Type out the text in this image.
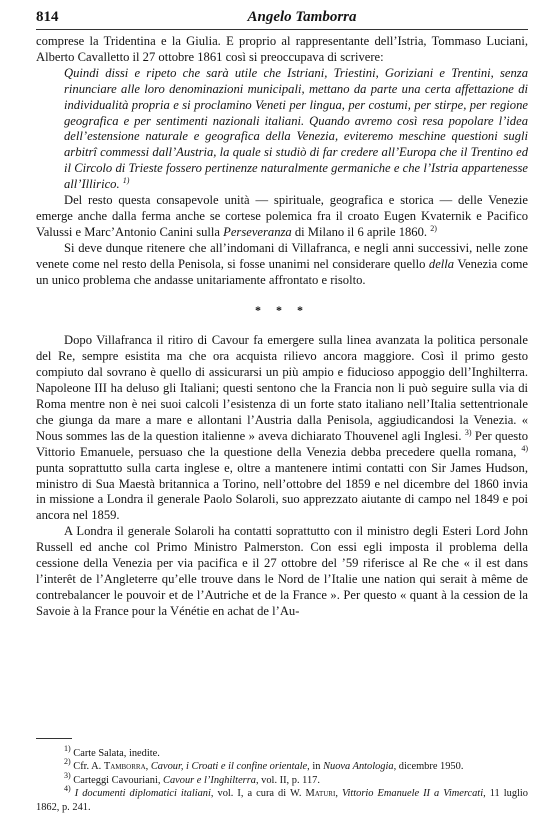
814	Angelo Tamborra

comprese la Tridentina e la Giulia. E proprio al rappresentante dell’Istria, Tommaso Luciani, Alberto Cavalletto il 27 ottobre 1861 così si preoccupava di scrivere:

Quindi dissi e ripeto che sarà utile che Istriani, Triestini, Goriziani e Trentini, senza rinunciare alle loro denominazioni municipali, mettano da parte una certa affettazione di individualità propria e si proclamino Veneti per lingua, per costumi, per stirpe, per regione geografica e per sentimenti nazionali italiani. Quando avremo così resa popolare l’idea dell’estensione naturale e geografica della Venezia, eviteremo meschine questioni sugli arbitrî commessi dall’Austria, la quale si studiò di far credere all’Europa che il Trentino ed il Circolo di Trieste fossero pertinenze naturalmente germaniche e che l’Istria appartenesse all’Illirico. $^{1)}$

Del resto questa consapevole unità — spirituale, geografica e storica — delle Venezie emerge anche dalla ferma anche se cortese polemica fra il croato Eugen Kvaternik e Pacifico Valussi e Marc’Antonio Canini sulla Perseveranza di Milano il 6 aprile 1860. $^{2)}$

Si deve dunque ritenere che all’indomani di Villafranca, e negli anni successivi, nelle zone venete come nel resto della Penisola, si fosse unanimi nel considerare quello della Venezia come un unico problema che andasse unitariamente affrontato e risolto.

* * *

Dopo Villafranca il ritiro di Cavour fa emergere sulla linea avanzata la politica personale del Re, sempre esistita ma che ora acquista rilievo ancora maggiore. Così il primo gesto compiuto dal sovrano è quello di assicurarsi un più ampio e fiducioso appoggio dell’Inghilterra. Napoleone III ha deluso gli Italiani; questi sentono che la Francia non li può seguire sulla via di Roma mentre non è nei suoi calcoli l’esistenza di un forte stato italiano nell’Italia settentrionale che giunga da mare a mare e allontani l’Austria dalla Penisola, aggiudicandosi la Venezia. « Nous sommes las de la question italienne » aveva dichiarato Thouvenel agli Inglesi. $^{3)}$ Per questo Vittorio Emanuele, persuaso che la questione della Venezia debba precedere quella romana, $^{4)}$ punta soprattutto sulla carta inglese e, oltre a mantenere intimi contatti con Sir James Hudson, ministro di Sua Maestà britannica a Torino, nell’ottobre del 1859 e nel dicembre del 1860 invia in missione a Londra il generale Paolo Solaroli, suo apprezzato aiutante di campo nel 1849 e poi ancora nel 1859.

A Londra il generale Solaroli ha contatti soprattutto con il ministro degli Esteri Lord John Russell ed anche col Primo Ministro Palmerston. Con essi egli imposta il problema della cessione della Venezia per via pacifica e il 27 ottobre del ’59 riferisce al Re che « il est dans l’interêt de l’Angleterre qu’elle trouve dans le Nord de l’Italie une nation qui serait à même de contrebalancer le pouvoir et de l’Autriche et de la France ». Per questo « quant à la cession de la Savoie à la France pour la Vénétie en achat de l’Au-

$^{1)}$ Carte Salata, inedite.

$^{2)}$ Cfr. A. Tamborra, Cavour, i Croati e il confine orientale, in Nuova Antologia, dicembre 1950.

$^{3)}$ Carteggi Cavouriani, Cavour e l’Inghilterra, vol. II, p. 117.

$^{4)}$ I documenti diplomatici italiani, vol. I, a cura di W. Maturi, Vittorio Emanuele II a Vimercati, 11 luglio 1862, p. 241.
